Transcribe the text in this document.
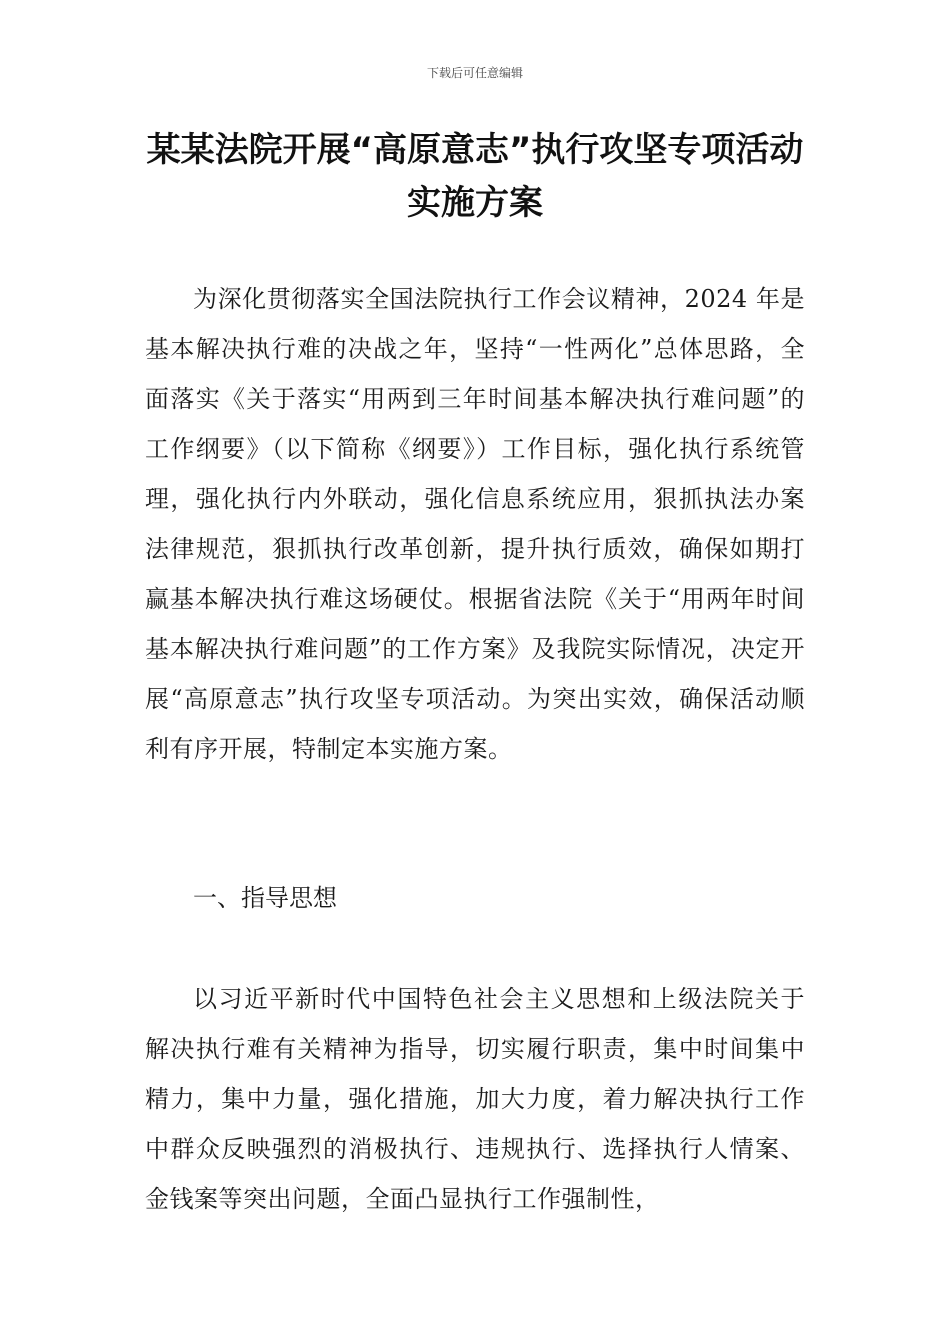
下载后可任意编辑
某某法院开展“高原意志”执行攻坚专项活动实施方案

为深化贯彻落实全国法院执行工作会议精神，2024 年是基本解决执行难的决战之年，坚持“一性两化”总体思路，全面落实《关于落实“用两到三年时间基本解决执行难问题”的工作纲要》（以下简称《纲要》）工作目标，强化执行系统管理，强化执行内外联动，强化信息系统应用，狠抓执法办案法律规范，狠抓执行改革创新，提升执行质效，确保如期打赢基本解决执行难这场硬仗。根据省法院《关于“用两年时间基本解决执行难问题”的工作方案》及我院实际情况，决定开展“高原意志”执行攻坚专项活动。为突出实效，确保活动顺利有序开展，特制定本实施方案。

一、指导思想

以习近平新时代中国特色社会主义思想和上级法院关于解决执行难有关精神为指导，切实履行职责，集中时间集中精力，集中力量，强化措施，加大力度，着力解决执行工作中群众反映强烈的消极执行、违规执行、选择执行人情案、金钱案等突出问题，全面凸显执行工作强制性，
